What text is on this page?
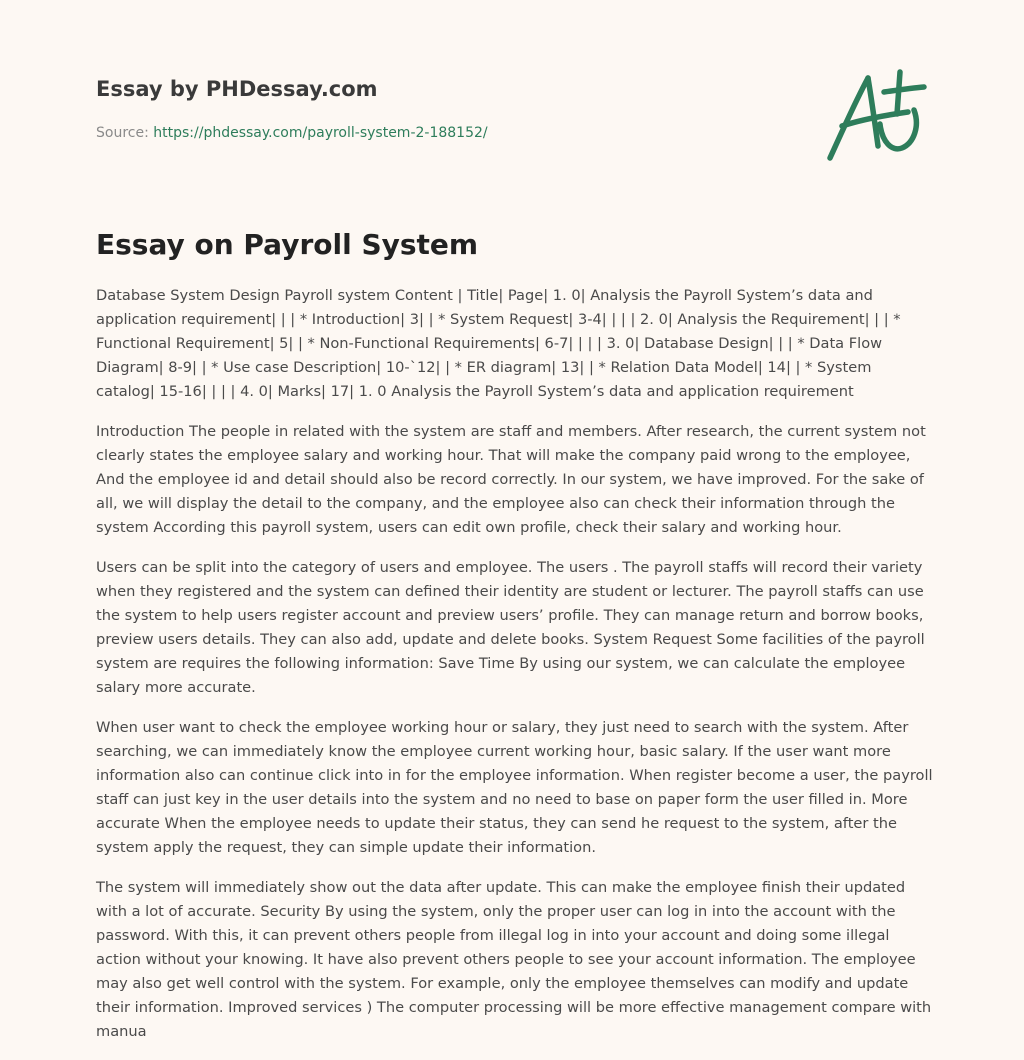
Essay by PHDessay.com
Source: https://phdessay.com/payroll-system-2-188152/
Essay on Payroll System

Database System Design Payroll system Content | Title| Page| 1. 0| Analysis the Payroll System’s data and application requirement| | | * Introduction| 3| | * System Request| 3-4| | | | 2. 0| Analysis the Requirement| | | * Functional Requirement| 5| | * Non-Functional Requirements| 6-7| | | | 3. 0| Database Design| | | * Data Flow Diagram| 8-9| | * Use case Description| 10-`12| | * ER diagram| 13| | * Relation Data Model| 14| | * System catalog| 15-16| | | | 4. 0| Marks| 17| 1. 0 Analysis the Payroll System’s data and application requirement

Introduction The people in related with the system are staff and members. After research, the current system not clearly states the employee salary and working hour. That will make the company paid wrong to the employee, And the employee id and detail should also be record correctly. In our system, we have improved. For the sake of all, we will display the detail to the company, and the employee also can check their information through the system According this payroll system, users can edit own profile, check their salary and working hour.

Users can be split into the category of users and employee. The users . The payroll staffs will record their variety when they registered and the system can defined their identity are student or lecturer. The payroll staffs can use the system to help users register account and preview users’ profile. They can manage return and borrow books, preview users details. They can also add, update and delete books. System Request Some facilities of the payroll system are requires the following information: Save Time By using our system, we can calculate the employee salary more accurate.

When user want to check the employee working hour or salary, they just need to search with the system. After searching, we can immediately know the employee current working hour, basic salary. If the user want more information also can continue click into in for the employee information. When register become a user, the payroll staff can just key in the user details into the system and no need to base on paper form the user filled in. More accurate When the employee needs to update their status, they can send he request to the system, after the system apply the request, they can simple update their information.

The system will immediately show out the data after update. This can make the employee finish their updated with a lot of accurate. Security By using the system, only the proper user can log in into the account with the password. With this, it can prevent others people from illegal log in into your account and doing some illegal action without your knowing. It have also prevent others people to see your account information. The employee may also get well control with the system. For example, only the employee themselves can modify and update their information. Improved services ) The computer processing will be more effective management compare with manua
